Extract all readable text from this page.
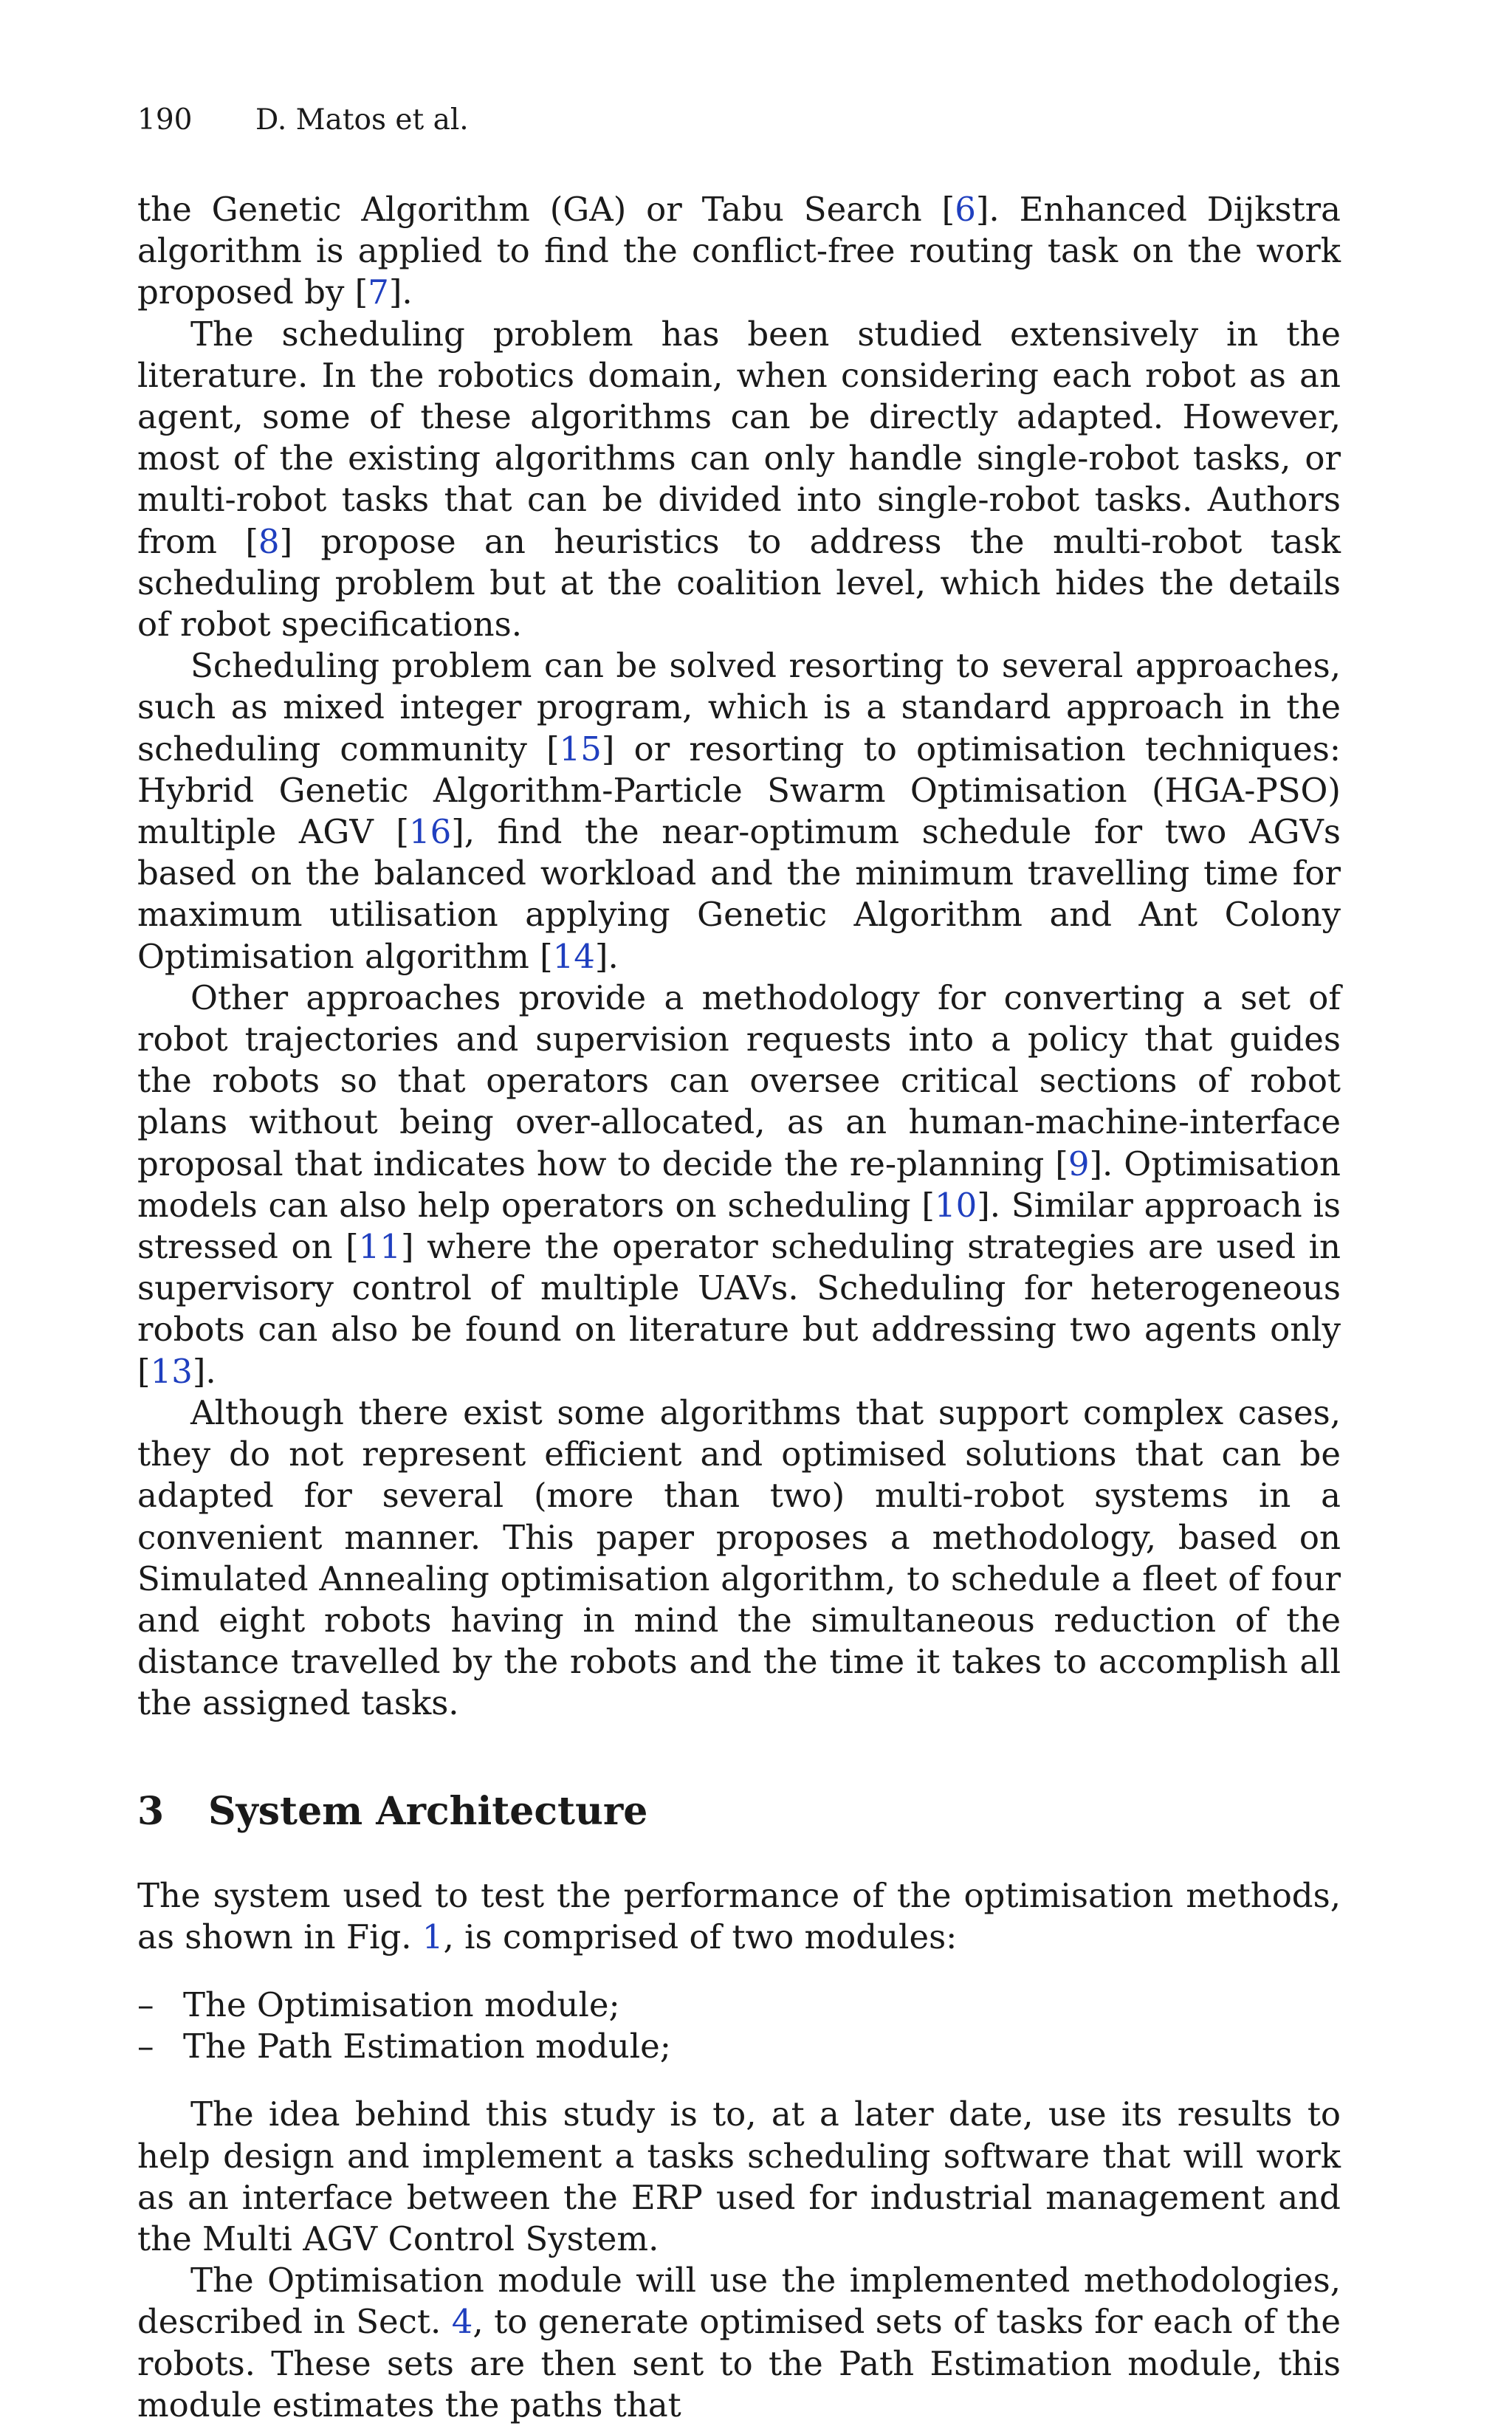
190 D. Matos et al.

the Genetic Algorithm (GA) or Tabu Search [6]. Enhanced Dijkstra algorithm is applied to find the conflict-free routing task on the work proposed by [7].

The scheduling problem has been studied extensively in the literature. In the robotics domain, when considering each robot as an agent, some of these algorithms can be directly adapted. However, most of the existing algorithms can only handle single-robot tasks, or multi-robot tasks that can be divided into single-robot tasks. Authors from [8] propose an heuristics to address the multi-robot task scheduling problem but at the coalition level, which hides the details of robot specifications.

Scheduling problem can be solved resorting to several approaches, such as mixed integer program, which is a standard approach in the scheduling community [15] or resorting to optimisation techniques: Hybrid Genetic Algorithm-Particle Swarm Optimisation (HGA-PSO) multiple AGV [16], find the near-optimum schedule for two AGVs based on the balanced workload and the minimum travelling time for maximum utilisation applying Genetic Algorithm and Ant Colony Optimisation algorithm [14].

Other approaches provide a methodology for converting a set of robot trajectories and supervision requests into a policy that guides the robots so that operators can oversee critical sections of robot plans without being over-allocated, as an human-machine-interface proposal that indicates how to decide the re-planning [9]. Optimisation models can also help operators on scheduling [10]. Similar approach is stressed on [11] where the operator scheduling strategies are used in supervisory control of multiple UAVs. Scheduling for heterogeneous robots can also be found on literature but addressing two agents only [13].

Although there exist some algorithms that support complex cases, they do not represent efficient and optimised solutions that can be adapted for several (more than two) multi-robot systems in a convenient manner. This paper proposes a methodology, based on Simulated Annealing optimisation algorithm, to schedule a fleet of four and eight robots having in mind the simultaneous reduction of the distance travelled by the robots and the time it takes to accomplish all the assigned tasks.

3 System Architecture

The system used to test the performance of the optimisation methods, as shown in Fig. 1, is comprised of two modules:

– The Optimisation module;
– The Path Estimation module;

The idea behind this study is to, at a later date, use its results to help design and implement a tasks scheduling software that will work as an interface between the ERP used for industrial management and the Multi AGV Control System.

The Optimisation module will use the implemented methodologies, described in Sect. 4, to generate optimised sets of tasks for each of the robots. These sets are then sent to the Path Estimation module, this module estimates the paths that
